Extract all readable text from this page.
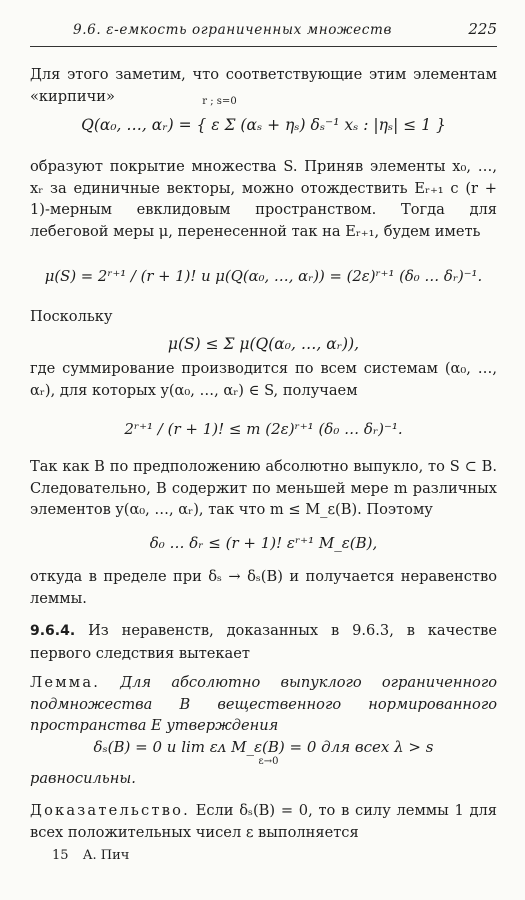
9.6. ε-емкость ограниченных множеств	225
Для этого заметим, что соответствующие этим элементам «кирпичи»
Q(α₀, …, αᵣ) = { ε Σ (αₛ + ηₛ) δₛ⁻¹ xₛ : |ηₛ| ≤ 1 }
r ; s=0
образуют покрытие множества S. Приняв элементы x₀, …, xᵣ за единичные векторы, можно отождествить Eᵣ₊₁ с (r + 1)-мерным евклидовым пространством. Тогда для лебеговой меры μ, перенесенной так на Eᵣ₊₁, будем иметь
μ(S) = 2ʳ⁺¹ / (r + 1)! и μ(Q(α₀, …, αᵣ)) = (2ε)ʳ⁺¹ (δ₀ … δᵣ)⁻¹.
Поскольку
μ(S) ≤ Σ μ(Q(α₀, …, αᵣ)),
где суммирование производится по всем системам (α₀, …, αᵣ), для которых y(α₀, …, αᵣ) ∈ S, получаем
2ʳ⁺¹ / (r + 1)! ≤ m (2ε)ʳ⁺¹ (δ₀ … δᵣ)⁻¹.
Так как B по предположению абсолютно выпукло, то S ⊂ B. Следовательно, B содержит по меньшей мере m различных элементов y(α₀, …, αᵣ), так что m ≤ M_ε(B). Поэтому
δ₀ … δᵣ ≤ (r + 1)! εʳ⁺¹ M_ε(B),
откуда в пределе при δₛ → δₛ(B) и получается неравенство леммы.
9.6.4. Из неравенств, доказанных в 9.6.3, в качестве первого следствия вытекает
Лемма. Для абсолютно выпуклого ограниченного подмножества B вещественного нормированного пространства E утверждения
δₛ(B) = 0 и lim εᴧ M_ε(B) = 0 для всех λ > s
ε→0
равносильны.
Доказательство. Если δₛ(B) = 0, то в силу леммы 1 для всех положительных чисел ε выполняется
15 А. Пич
